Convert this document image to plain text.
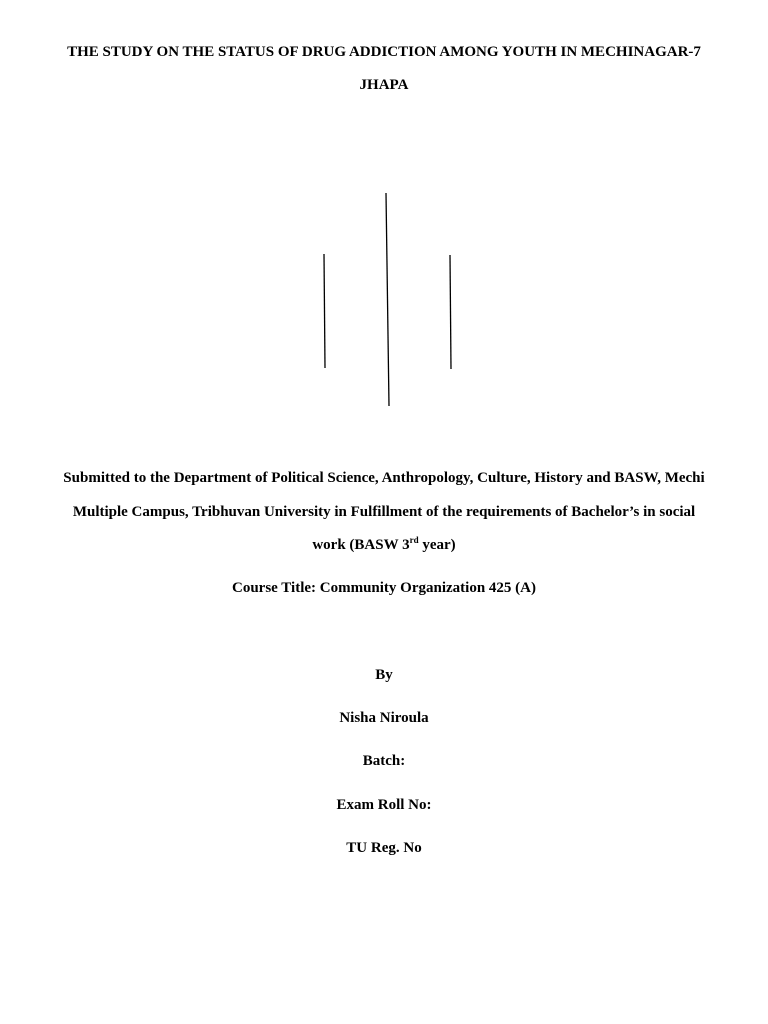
THE STUDY ON THE STATUS OF DRUG ADDICTION AMONG YOUTH IN MECHINAGAR-7
JHAPA
Submitted to the Department of Political Science, Anthropology, Culture, History and BASW, Mechi
Multiple Campus, Tribhuvan University in Fulfillment of the requirements of Bachelor’s in social
work (BASW 3rd year)
Course Title: Community Organization 425 (A)
By
Nisha Niroula
Batch:
Exam Roll No:
TU Reg. No
